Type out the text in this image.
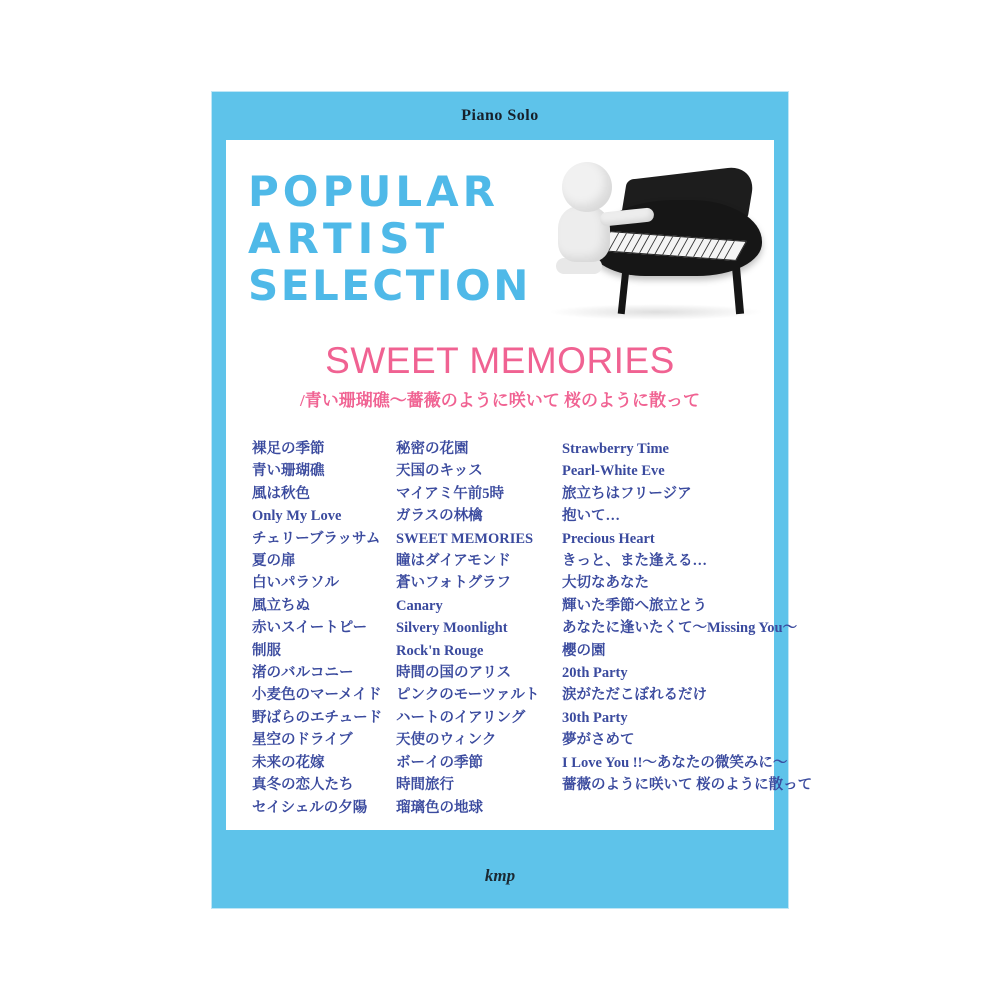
Piano Solo
POPULAR
ARTIST
SELECTION
SWEET MEMORIES
/青い珊瑚礁〜薔薇のように咲いて 桜のように散って
裸足の季節
青い珊瑚礁
風は秋色
Only My Love
チェリーブラッサム
夏の扉
白いパラソル
風立ちぬ
赤いスイートピー
制服
渚のバルコニー
小麦色のマーメイド
野ばらのエチュード
星空のドライブ
未来の花嫁
真冬の恋人たち
セイシェルの夕陽
秘密の花園
天国のキッス
マイアミ午前5時
ガラスの林檎
SWEET MEMORIES
瞳はダイアモンド
蒼いフォトグラフ
Canary
Silvery Moonlight
Rock'n Rouge
時間の国のアリス
ピンクのモーツァルト
ハートのイアリング
天使のウィンク
ボーイの季節
時間旅行
瑠璃色の地球
Strawberry Time
Pearl-White Eve
旅立ちはフリージア
抱いて…
Precious Heart
きっと、また逢える…
大切なあなた
輝いた季節へ旅立とう
あなたに逢いたくて〜Missing You〜
櫻の園
20th Party
涙がただこぼれるだけ
30th Party
夢がさめて
I Love You !!〜あなたの微笑みに〜
薔薇のように咲いて 桜のように散って
kmp
